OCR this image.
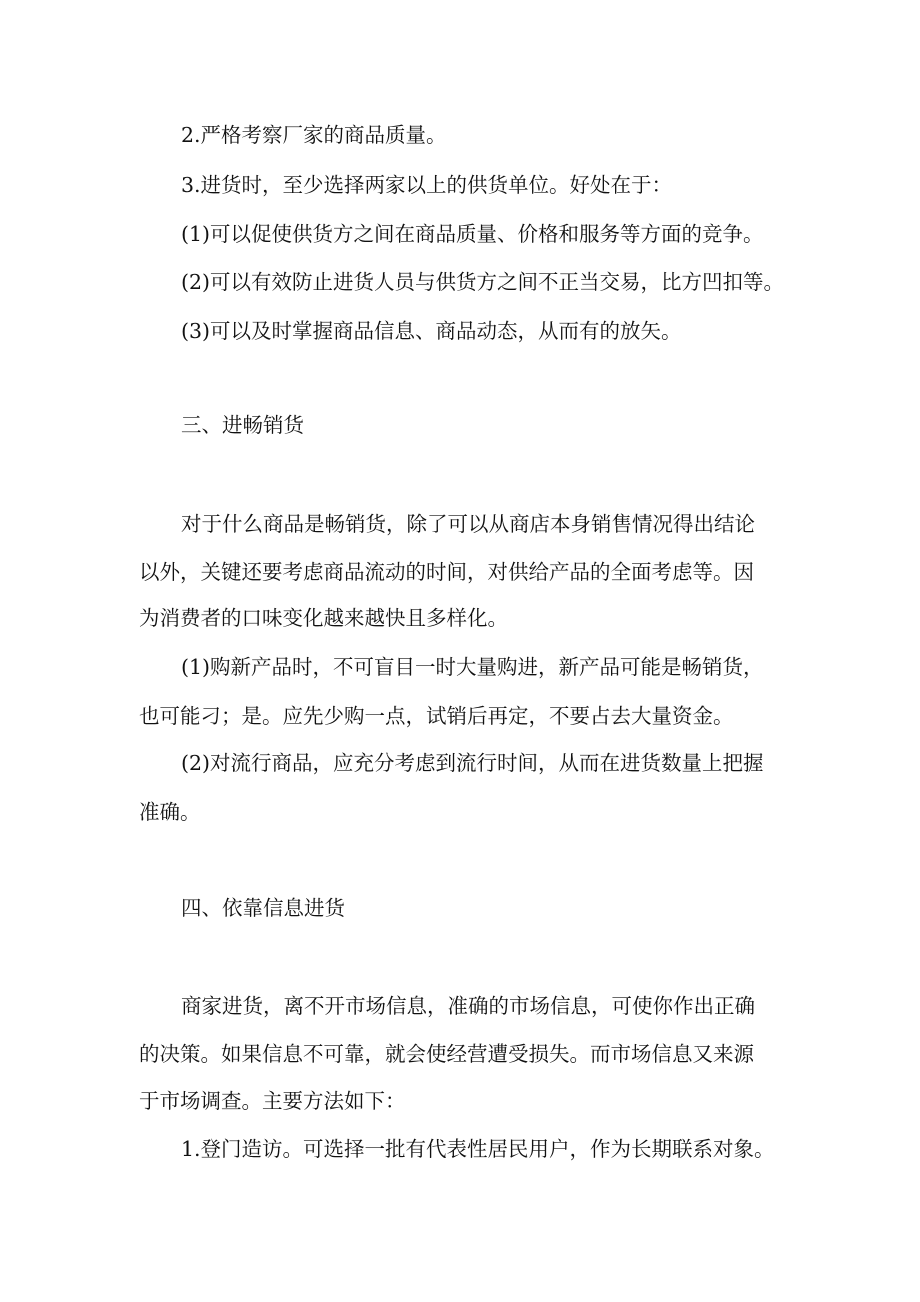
2.严格考察厂家的商品质量。
3.进货时，至少选择两家以上的供货单位。好处在于：
(1)可以促使供货方之间在商品质量、价格和服务等方面的竞争。
(2)可以有效防止进货人员与供货方之间不正当交易，比方凹扣等。
(3)可以及时掌握商品信息、商品动态，从而有的放矢。
三、进畅销货
对于什么商品是畅销货，除了可以从商店本身销售情况得出结论
以外，关键还要考虑商品流动的时间，对供给产品的全面考虑等。因
为消费者的口味变化越来越快且多样化。
(1)购新产品时，不可盲目一时大量购进，新产品可能是畅销货，
也可能刁；是。应先少购一点，试销后再定，不要占去大量资金。
(2)对流行商品，应充分考虑到流行时间，从而在进货数量上把握
准确。
四、依靠信息进货
商家进货，离不开市场信息，准确的市场信息，可使你作出正确
的决策。如果信息不可靠，就会使经营遭受损失。而市场信息又来源
于市场调查。主要方法如下：
1.登门造访。可选择一批有代表性居民用户，作为长期联系对象。
